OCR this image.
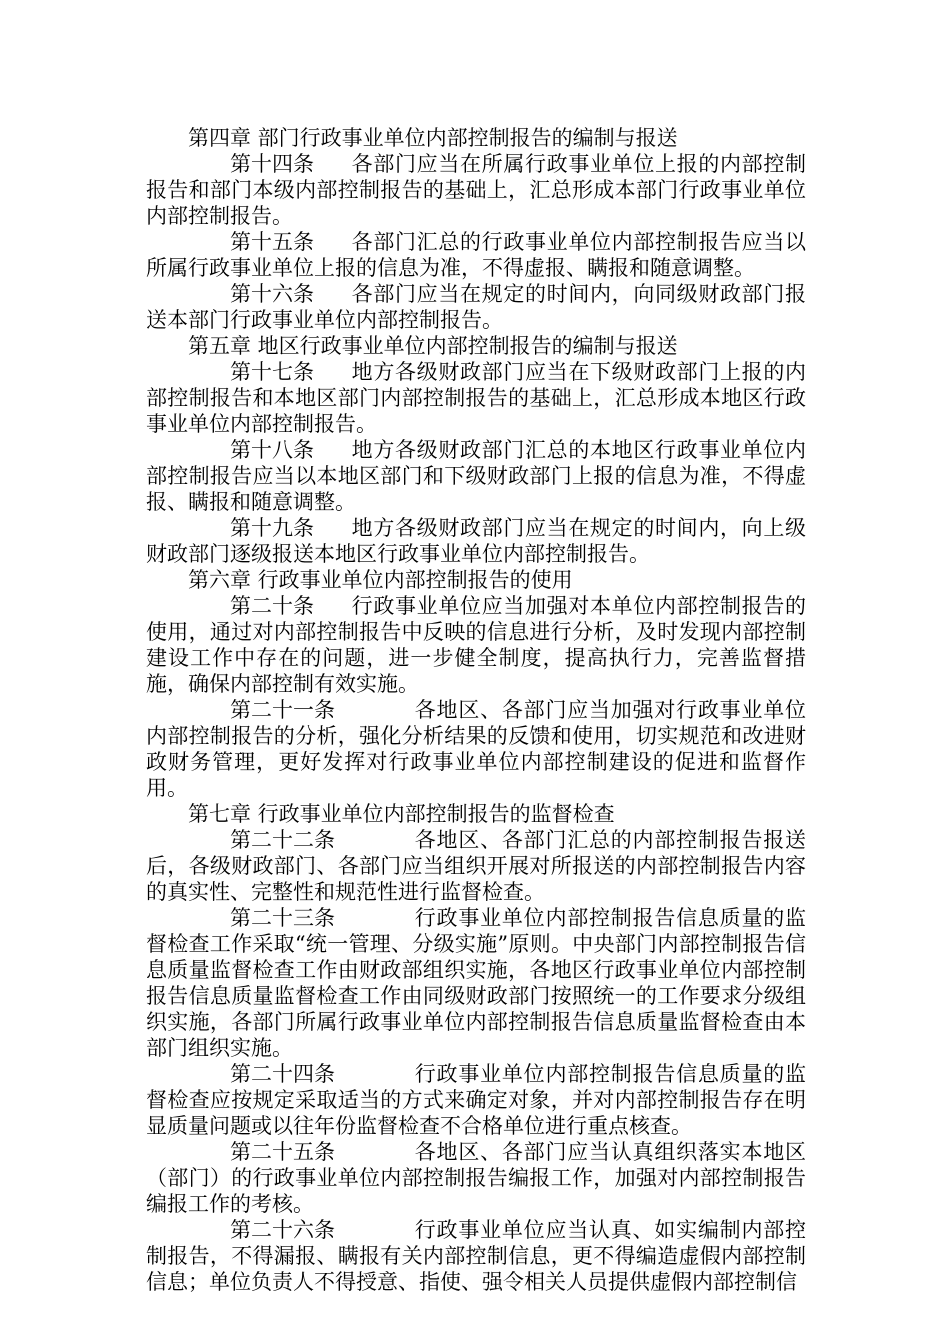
第四章 部门行政事业单位内部控制报告的编制与报送

第十四条 各部门应当在所属行政事业单位上报的内部控制报告和部门本级内部控制报告的基础上，汇总形成本部门行政事业单位内部控制报告。

第十五条 各部门汇总的行政事业单位内部控制报告应当以所属行政事业单位上报的信息为准，不得虚报、瞒报和随意调整。

第十六条 各部门应当在规定的时间内，向同级财政部门报送本部门行政事业单位内部控制报告。

第五章 地区行政事业单位内部控制报告的编制与报送

第十七条 地方各级财政部门应当在下级财政部门上报的内部控制报告和本地区部门内部控制报告的基础上，汇总形成本地区行政事业单位内部控制报告。

第十八条 地方各级财政部门汇总的本地区行政事业单位内部控制报告应当以本地区部门和下级财政部门上报的信息为准，不得虚报、瞒报和随意调整。

第十九条 地方各级财政部门应当在规定的时间内，向上级财政部门逐级报送本地区行政事业单位内部控制报告。

第六章 行政事业单位内部控制报告的使用

第二十条 行政事业单位应当加强对本单位内部控制报告的使用，通过对内部控制报告中反映的信息进行分析，及时发现内部控制建设工作中存在的问题，进一步健全制度，提高执行力，完善监督措施，确保内部控制有效实施。

第二十一条	各地区、各部门应当加强对行政事业单位内部控制报告的分析，强化分析结果的反馈和使用，切实规范和改进财政财务管理，更好发挥对行政事业单位内部控制建设的促进和监督作用。

第七章 行政事业单位内部控制报告的监督检查

第二十二条	各地区、各部门汇总的内部控制报告报送后，各级财政部门、各部门应当组织开展对所报送的内部控制报告内容的真实性、完整性和规范性进行监督检查。

第二十三条	行政事业单位内部控制报告信息质量的监督检查工作采取“统一管理、分级实施”原则。中央部门内部控制报告信息质量监督检查工作由财政部组织实施，各地区行政事业单位内部控制报告信息质量监督检查工作由同级财政部门按照统一的工作要求分级组织实施，各部门所属行政事业单位内部控制报告信息质量监督检查由本部门组织实施。

第二十四条	行政事业单位内部控制报告信息质量的监督检查应按规定采取适当的方式来确定对象，并对内部控制报告存在明显质量问题或以往年份监督检查不合格单位进行重点核查。

第二十五条	各地区、各部门应当认真组织落实本地区（部门）的行政事业单位内部控制报告编报工作，加强对内部控制报告编报工作的考核。

第二十六条	行政事业单位应当认真、如实编制内部控制报告，不得漏报、瞒报有关内部控制信息，更不得编造虚假内部控制信息；单位负责人不得授意、指使、强令相关人员提供虚假内部控制信
